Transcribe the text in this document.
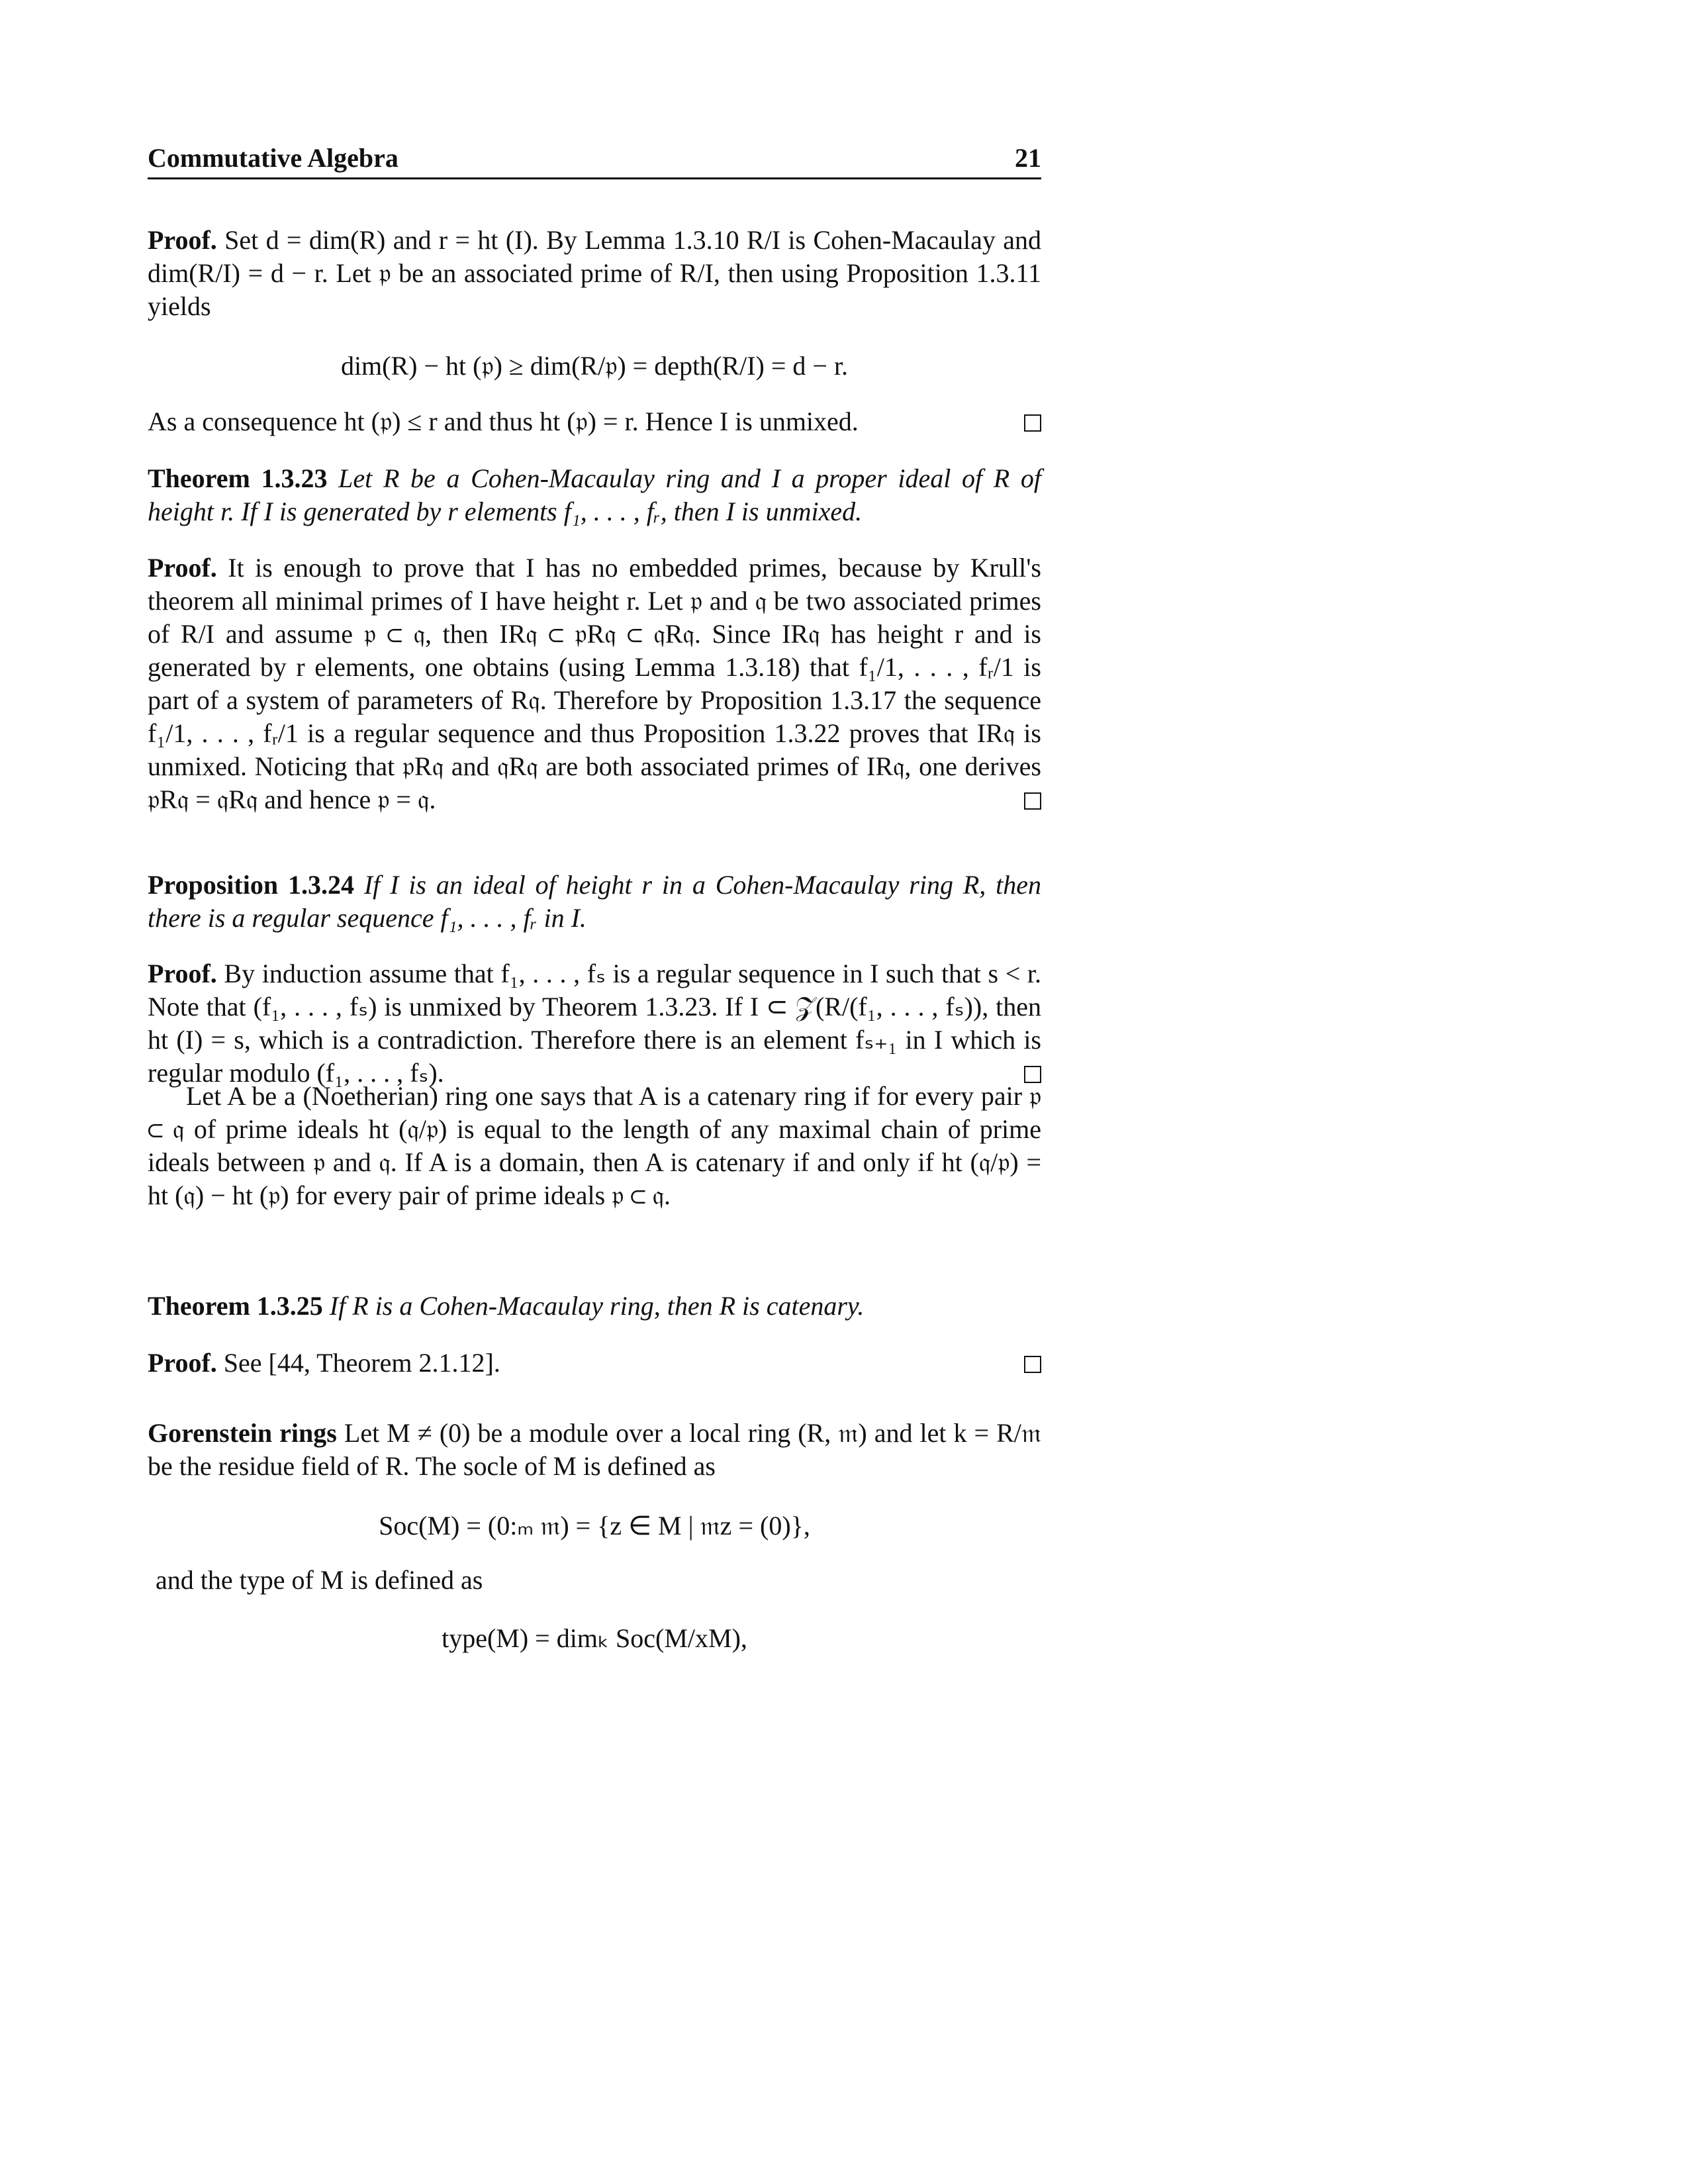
Commutative Algebra	21
Proof. Set d = dim(R) and r = ht (I). By Lemma 1.3.10 R/I is Cohen-Macaulay and dim(R/I) = d − r. Let 𝔭 be an associated prime of R/I, then using Proposition 1.3.11 yields
dim(R) − ht (𝔭) ≥ dim(R/𝔭) = depth(R/I) = d − r.
As a consequence ht (𝔭) ≤ r and thus ht (𝔭) = r. Hence I is unmixed.
Theorem 1.3.23 Let R be a Cohen-Macaulay ring and I a proper ideal of R of height r. If I is generated by r elements f₁, . . . , fᵣ, then I is unmixed.
Proof. It is enough to prove that I has no embedded primes, because by Krull's theorem all minimal primes of I have height r. Let 𝔭 and 𝔮 be two associated primes of R/I and assume 𝔭 ⊂ 𝔮, then IR𝔮 ⊂ 𝔭R𝔮 ⊂ 𝔮R𝔮. Since IR𝔮 has height r and is generated by r elements, one obtains (using Lemma 1.3.18) that f₁/1, . . . , fᵣ/1 is part of a system of parameters of R𝔮. Therefore by Proposition 1.3.17 the sequence f₁/1, . . . , fᵣ/1 is a regular sequence and thus Proposition 1.3.22 proves that IR𝔮 is unmixed. Noticing that 𝔭R𝔮 and 𝔮R𝔮 are both associated primes of IR𝔮, one derives 𝔭R𝔮 = 𝔮R𝔮 and hence 𝔭 = 𝔮.
Proposition 1.3.24 If I is an ideal of height r in a Cohen-Macaulay ring R, then there is a regular sequence f₁, . . . , fᵣ in I.
Proof. By induction assume that f₁, . . . , fₛ is a regular sequence in I such that s < r. Note that (f₁, . . . , fₛ) is unmixed by Theorem 1.3.23. If I ⊂ 𝒵(R/(f₁, . . . , fₛ)), then ht (I) = s, which is a contradiction. Therefore there is an element fₛ₊₁ in I which is regular modulo (f₁, . . . , fₛ).
Let A be a (Noetherian) ring one says that A is a catenary ring if for every pair 𝔭 ⊂ 𝔮 of prime ideals ht (𝔮/𝔭) is equal to the length of any maximal chain of prime ideals between 𝔭 and 𝔮. If A is a domain, then A is catenary if and only if ht (𝔮/𝔭) = ht (𝔮) − ht (𝔭) for every pair of prime ideals 𝔭 ⊂ 𝔮.
Theorem 1.3.25 If R is a Cohen-Macaulay ring, then R is catenary.
Proof. See [44, Theorem 2.1.12].
Gorenstein rings Let M ≠ (0) be a module over a local ring (R, 𝔪) and let k = R/𝔪 be the residue field of R. The socle of M is defined as
Soc(M) = (0:ₘ 𝔪) = {z ∈ M | 𝔪z = (0)},
and the type of M is defined as
type(M) = dimₖ Soc(M/xM),
